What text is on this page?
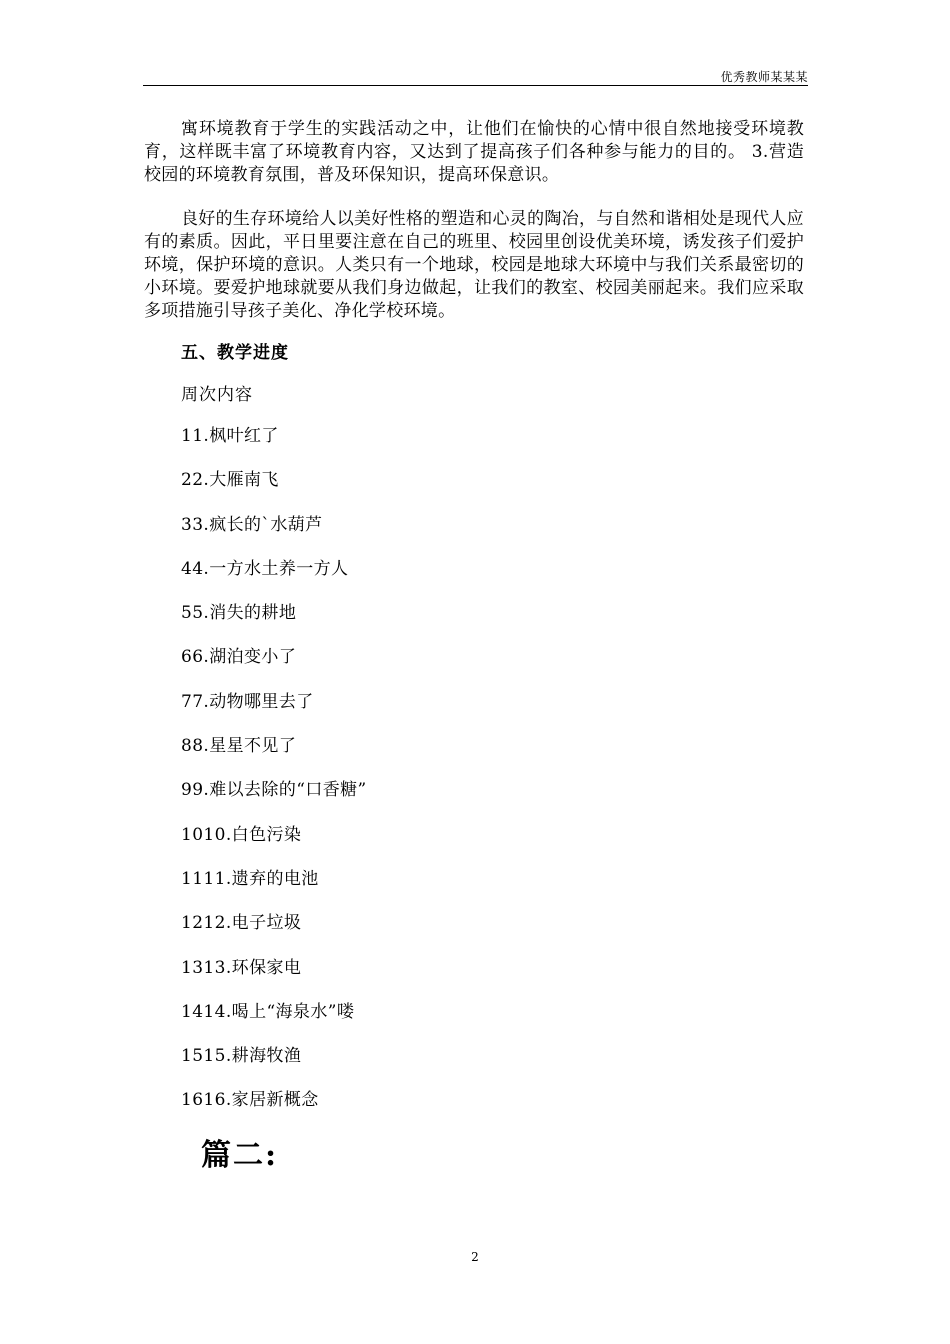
优秀教师某某某

寓环境教育于学生的实践活动之中，让他们在愉快的心情中很自然地接受环境教育，这样既丰富了环境教育内容，又达到了提高孩子们各种参与能力的目的。 3.营造校园的环境教育氛围，普及环保知识，提高环保意识。

良好的生存环境给人以美好性格的塑造和心灵的陶冶，与自然和谐相处是现代人应有的素质。因此，平日里要注意在自己的班里、校园里创设优美环境，诱发孩子们爱护环境，保护环境的意识。人类只有一个地球，校园是地球大环境中与我们关系最密切的小环境。要爱护地球就要从我们身边做起，让我们的教室、校园美丽起来。我们应采取多项措施引导孩子美化、净化学校环境。

五、教学进度
周次内容
11.枫叶红了
22.大雁南飞
33.疯长的`水葫芦
44.一方水土养一方人
55.消失的耕地
66.湖泊变小了
77.动物哪里去了
88.星星不见了
99.难以去除的“口香糖”
1010.白色污染
1111.遗弃的电池
1212.电子垃圾
1313.环保家电
1414.喝上“海泉水”喽
1515.耕海牧渔
1616.家居新概念
篇二:
2
